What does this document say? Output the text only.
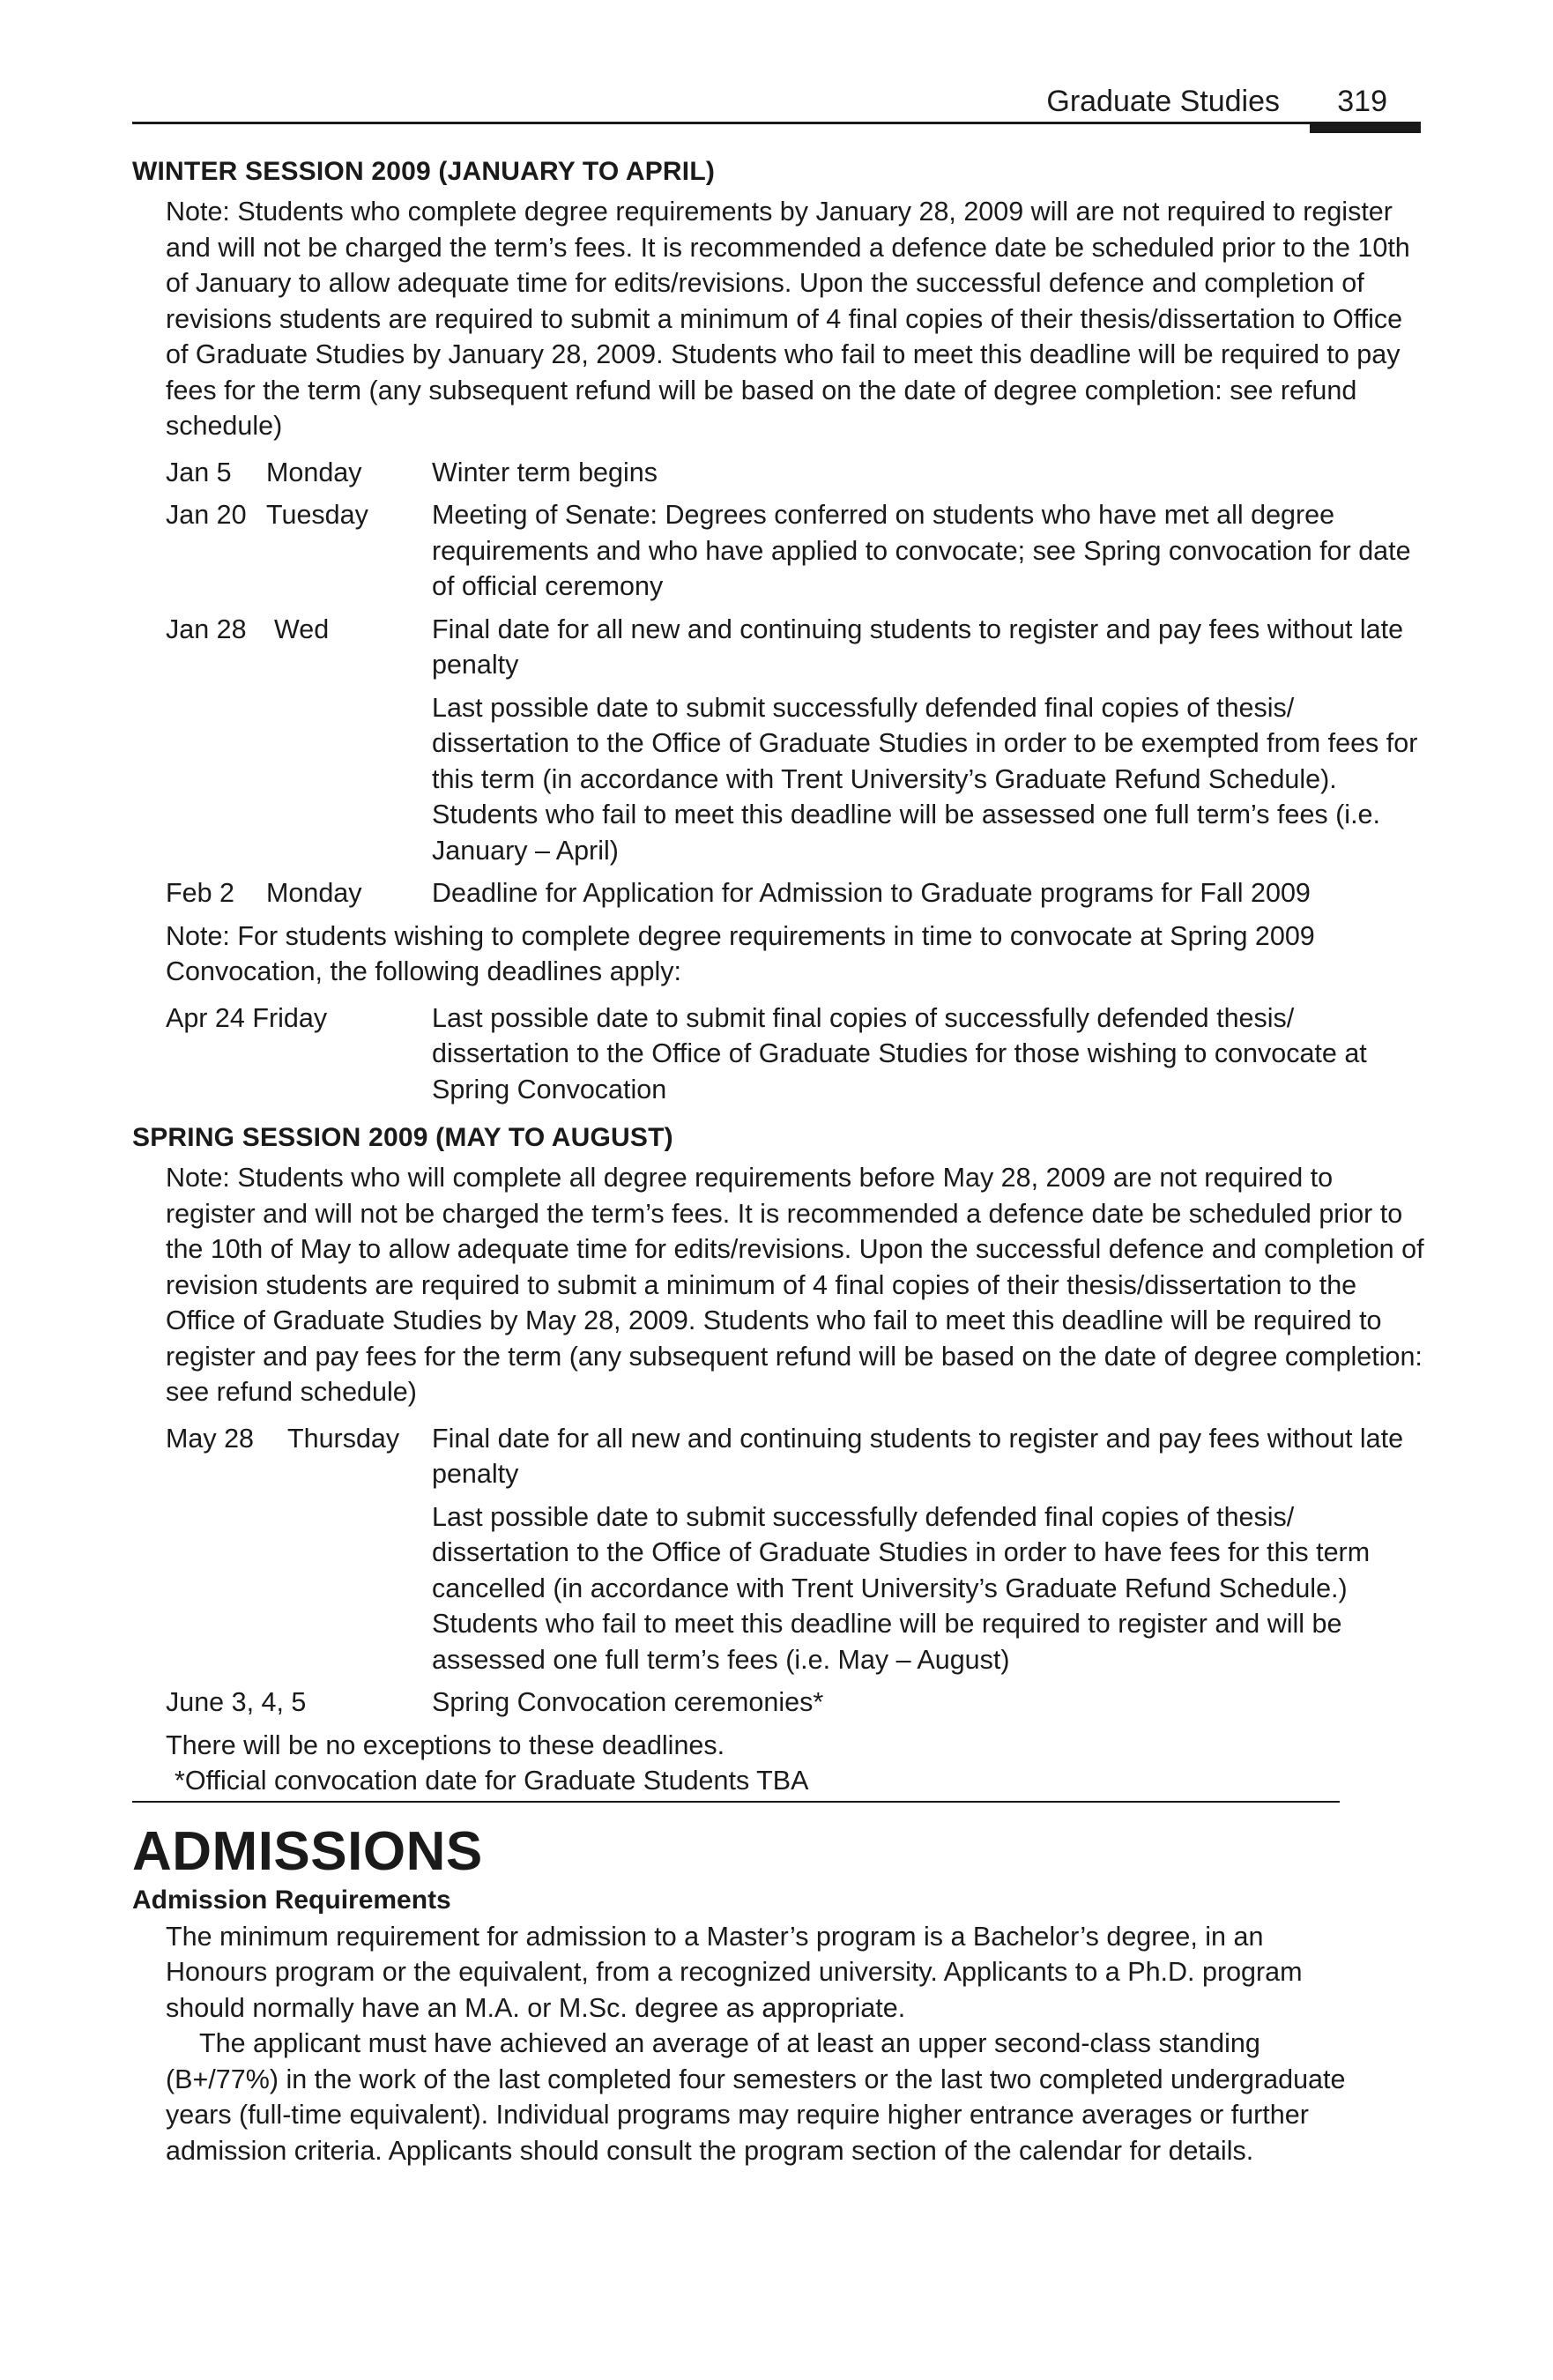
Graduate Studies 319
WINTER SESSION 2009 (JANUARY TO APRIL)

Note: Students who complete degree requirements by January 28, 2009 will are not required to register and will not be charged the term’s fees. It is recommended a defence date be scheduled prior to the 10th of January to allow adequate time for edits/revisions. Upon the successful defence and completion of revisions students are required to submit a minimum of 4 final copies of their thesis/dissertation to Office of Graduate Studies by January 28, 2009. Students who fail to meet this deadline will be required to pay fees for the term (any subsequent refund will be based on the date of degree completion: see refund schedule)

Jan 5 Monday	Winter term begins

Jan 20 Tuesday Meeting of Senate: Degrees conferred on students who have met all degree requirements and who have applied to convocate; see Spring convocation for date of official ceremony

Jan 28 Wed	Final date for all new and continuing students to register and pay fees without late penalty

Last possible date to submit successfully defended final copies of thesis/ dissertation to the Office of Graduate Studies in order to be exempted from fees for this term (in accordance with Trent University’s Graduate Refund Schedule). Students who fail to meet this deadline will be assessed one full term’s fees (i.e. January – April)

Feb 2 Monday	Deadline for Application for Admission to Graduate programs for Fall 2009

Note: For students wishing to complete degree requirements in time to convocate at Spring 2009 Convocation, the following deadlines apply:

Apr 24 Friday	Last possible date to submit final copies of successfully defended thesis/ dissertation to the Office of Graduate Studies for those wishing to convocate at Spring Convocation

SPRING SESSION 2009 (MAY TO AUGUST)

Note: Students who will complete all degree requirements before May 28, 2009 are not required to register and will not be charged the term’s fees. It is recommended a defence date be scheduled prior to the 10th of May to allow adequate time for edits/revisions. Upon the successful defence and completion of revision students are required to submit a minimum of 4 final copies of their thesis/dissertation to the Office of Graduate Studies by May 28, 2009. Students who fail to meet this deadline will be required to register and pay fees for the term (any subsequent refund will be based on the date of degree completion: see refund schedule)

May 28 Thursday Final date for all new and continuing students to register and pay fees without late penalty

Last possible date to submit successfully defended final copies of thesis/ dissertation to the Office of Graduate Studies in order to have fees for this term cancelled (in accordance with Trent University’s Graduate Refund Schedule.) Students who fail to meet this deadline will be required to register and will be assessed one full term’s fees (i.e. May – August)

June 3, 4, 5	Spring Convocation ceremonies*

There will be no exceptions to these deadlines.
*Official convocation date for Graduate Students TBA
ADMISSIONS
Admission Requirements

The minimum requirement for admission to a Master’s program is a Bachelor’s degree, in an Honours program or the equivalent, from a recognized university. Applicants to a Ph.D. program should normally have an M.A. or M.Sc. degree as appropriate.

The applicant must have achieved an average of at least an upper second-class standing (B+/77%) in the work of the last completed four semesters or the last two completed undergraduate years (full-time equivalent). Individual programs may require higher entrance averages or further admission criteria. Applicants should consult the program section of the calendar for details.
